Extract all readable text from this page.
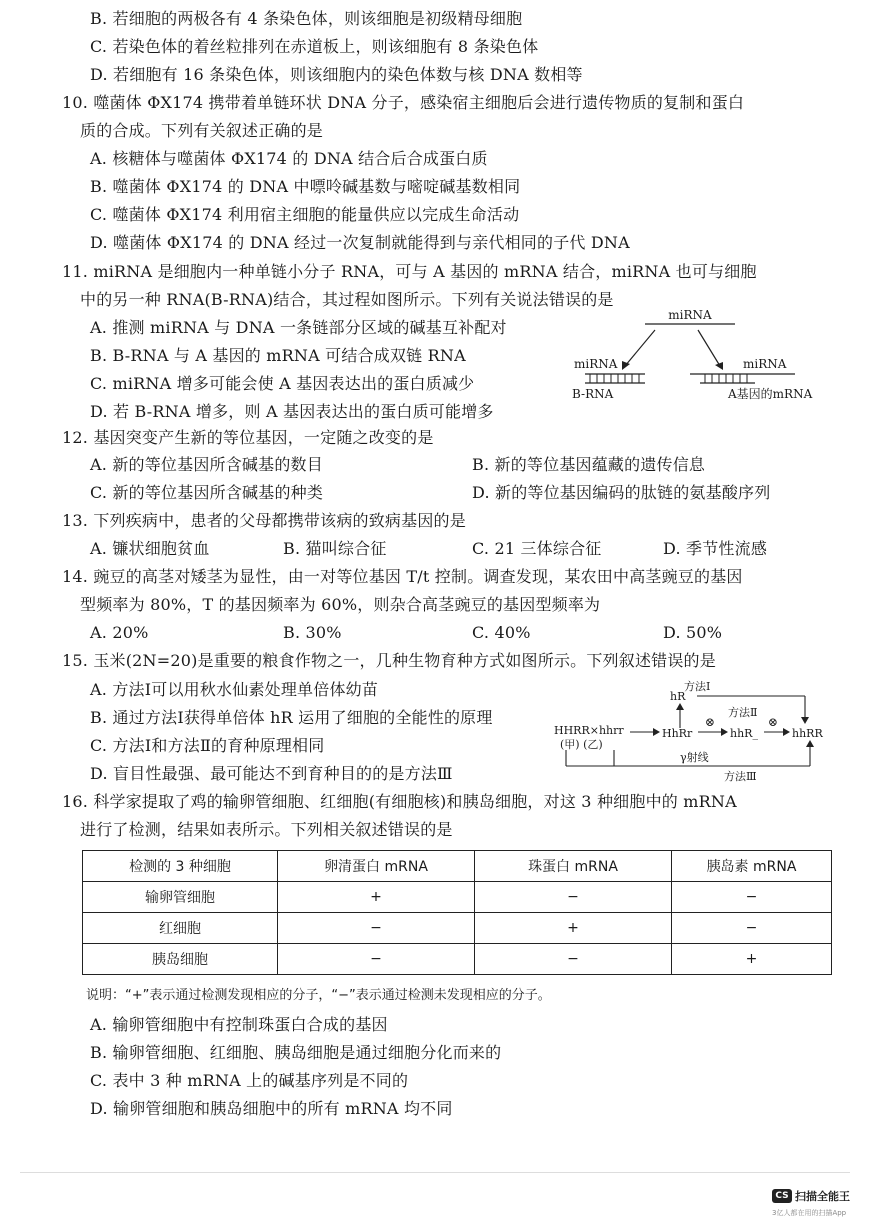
B. 若细胞的两极各有 4 条染色体，则该细胞是初级精母细胞
C. 若染色体的着丝粒排列在赤道板上，则该细胞有 8 条染色体
D. 若细胞有 16 条染色体，则该细胞内的染色体数与核 DNA 数相等
10. 噬菌体 ΦX174 携带着单链环状 DNA 分子，感染宿主细胞后会进行遗传物质的复制和蛋白
质的合成。下列有关叙述正确的是
A. 核糖体与噬菌体 ΦX174 的 DNA 结合后合成蛋白质
B. 噬菌体 ΦX174 的 DNA 中嘌呤碱基数与嘧啶碱基数相同
C. 噬菌体 ΦX174 利用宿主细胞的能量供应以完成生命活动
D. 噬菌体 ΦX174 的 DNA 经过一次复制就能得到与亲代相同的子代 DNA
11. miRNA 是细胞内一种单链小分子 RNA，可与 A 基因的 mRNA 结合，miRNA 也可与细胞
中的另一种 RNA(B-RNA)结合，其过程如图所示。下列有关说法错误的是
A. 推测 miRNA 与 DNA 一条链部分区域的碱基互补配对
B. B-RNA 与 A 基因的 mRNA 可结合成双链 RNA
C. miRNA 增多可能会使 A 基因表达出的蛋白质减少
D. 若 B-RNA 增多，则 A 基因表达出的蛋白质可能增多
miRNA
miRNA
B-RNA
miRNA
A基因的mRNA
12. 基因突变产生新的等位基因，一定随之改变的是
A. 新的等位基因所含碱基的数目	B. 新的等位基因蕴藏的遗传信息
C. 新的等位基因所含碱基的种类	D. 新的等位基因编码的肽链的氨基酸序列
13. 下列疾病中，患者的父母都携带该病的致病基因的是
A. 镰状细胞贫血	B. 猫叫综合征	C. 21 三体综合征	D. 季节性流感
14. 豌豆的高茎对矮茎为显性，由一对等位基因 T/t 控制。调查发现，某农田中高茎豌豆的基因
型频率为 80%，T 的基因频率为 60%，则杂合高茎豌豆的基因型频率为
A. 20%	B. 30%	C. 40%	D. 50%
15. 玉米(2N=20)是重要的粮食作物之一，几种生物育种方式如图所示。下列叙述错误的是
A. 方法Ⅰ可以用秋水仙素处理单倍体幼苗
B. 通过方法Ⅰ获得单倍体 hR 运用了细胞的全能性的原理
C. 方法Ⅰ和方法Ⅱ的育种原理相同
D. 盲目性最强、最可能达不到育种目的的是方法Ⅲ
方法Ⅰ
hR
HHRR×hhrr
(甲) (乙)
HhRr
⊗
方法Ⅱ
hhR_
⊗
hhRR
γ射线
方法Ⅲ
16. 科学家提取了鸡的输卵管细胞、红细胞(有细胞核)和胰岛细胞，对这 3 种细胞中的 mRNA
进行了检测，结果如表所示。下列相关叙述错误的是
检测的 3 种细胞	卵清蛋白 mRNA	珠蛋白 mRNA	胰岛素 mRNA
输卵管细胞	+	−	−
红细胞	−	+	−
胰岛细胞	−	−	+
说明：“+”表示通过检测发现相应的分子，“−”表示通过检测未发现相应的分子。
A. 输卵管细胞中有控制珠蛋白合成的基因
B. 输卵管细胞、红细胞、胰岛细胞是通过细胞分化而来的
C. 表中 3 种 mRNA 上的碱基序列是不同的
D. 输卵管细胞和胰岛细胞中的所有 mRNA 均不同
CS 扫描全能王
3亿人都在用的扫描App
